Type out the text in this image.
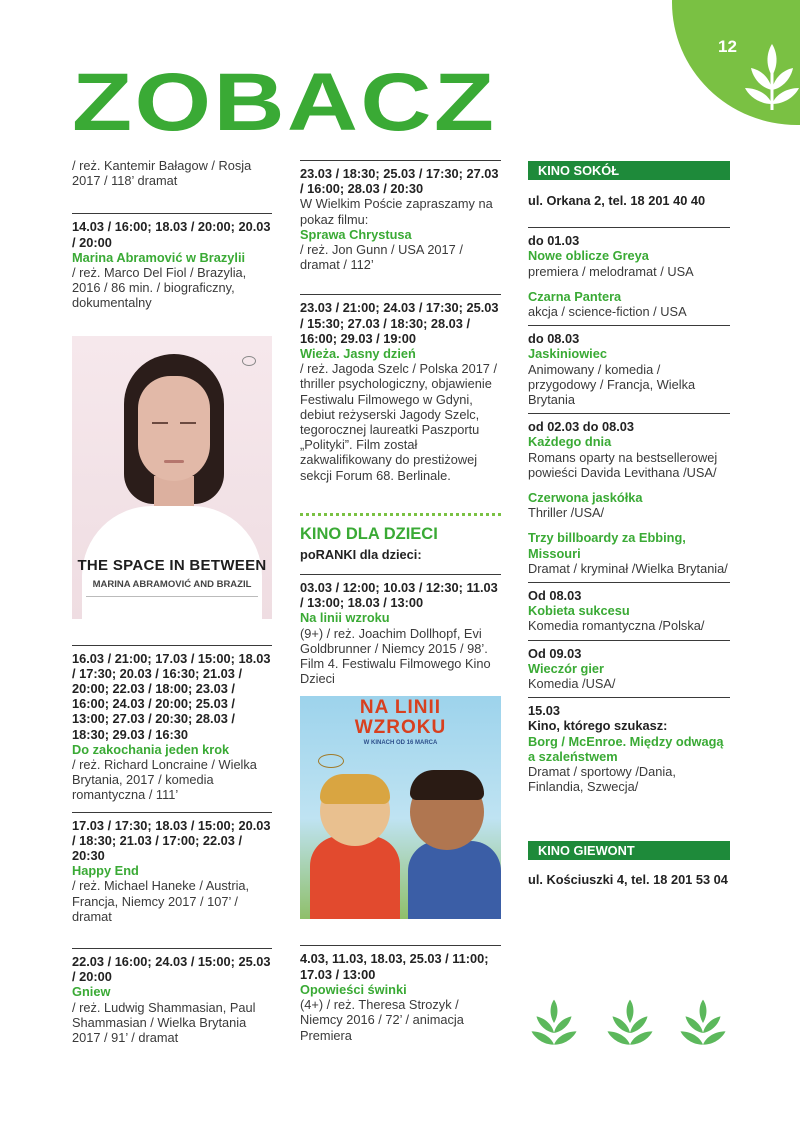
12
ZOBACZ
/ reż. Kantemir Bałagow / Rosja 2017 / 118’ dramat
14.03 / 16:00; 18.03 / 20:00; 20.03 / 20:00
Marina Abramović w Brazylii
/ reż. Marco Del Fiol / Brazylia, 2016 / 86 min. / biograficzny, dokumentalny
THE SPACE IN BETWEEN
MARINA ABRAMOVIĆ AND BRAZIL
16.03 / 21:00; 17.03 / 15:00; 18.03 / 17:30; 20.03 / 16:30; 21.03 / 20:00; 22.03 / 18:00; 23.03 / 16:00; 24.03 / 20:00; 25.03 / 13:00; 27.03 / 20:30; 28.03 / 18:30; 29.03 / 16:30
Do zakochania jeden krok
/ reż. Richard Loncraine / Wielka Brytania, 2017 / komedia romantyczna / 111’
17.03 / 17:30; 18.03 / 15:00; 20.03 / 18:30; 21.03 / 17:00; 22.03 / 20:30
Happy End
/ reż. Michael Haneke / Austria, Francja, Niemcy 2017 / 107’ / dramat
22.03 / 16:00; 24.03 / 15:00; 25.03 / 20:00
Gniew
/ reż. Ludwig Shammasian, Paul Shammasian / Wielka Brytania 2017 / 91’ / dramat
23.03 / 18:30; 25.03 / 17:30; 27.03 / 16:00; 28.03 / 20:30
W Wielkim Poście zapraszamy na pokaz filmu:
Sprawa Chrystusa
/ reż. Jon Gunn / USA 2017 / dramat / 112’
23.03 / 21:00; 24.03 / 17:30; 25.03 / 15:30; 27.03 / 18:30; 28.03 / 16:00; 29.03 / 19:00
Wieża. Jasny dzień
/ reż. Jagoda Szelc / Polska 2017 / thriller psychologiczny, objawienie Festiwalu Filmowego w Gdyni, debiut reżyserski Jagody Szelc, tegorocznej laureatki Paszportu „Polityki”. Film został zakwalifikowany do prestiżowej sekcji Forum 68. Berlinale.
KINO DLA DZIECI
poRANKI dla dzieci:
03.03 / 12:00; 10.03 / 12:30; 11.03 / 13:00; 18.03 / 13:00
Na linii wzroku
(9+) / reż. Joachim Dollhopf, Evi Goldbrunner / Niemcy 2015 / 98’. Film 4. Festiwalu Filmowego Kino Dzieci
NA LINII
WZROKU
W KINACH OD 16 MARCA
4.03, 11.03, 18.03, 25.03 / 11:00; 17.03 / 13:00
Opowieści świnki
(4+) / reż. Theresa Strozyk / Niemcy 2016 / 72’ / animacja Premiera
KINO SOKÓŁ
ul. Orkana 2, tel. 18 201 40 40
do 01.03
Nowe oblicze Greya
premiera / melodramat / USA
Czarna Pantera
akcja / science-fiction / USA
do 08.03
Jaskiniowiec
Animowany / komedia / przygodowy / Francja, Wielka Brytania
od 02.03 do 08.03
Każdego dnia
Romans oparty na bestsellerowej powieści Davida Levithana /USA/
Czerwona jaskółka
Thriller /USA/
Trzy billboardy za Ebbing, Missouri
Dramat / kryminał /Wielka Brytania/
Od 08.03
Kobieta sukcesu
Komedia romantyczna /Polska/
Od 09.03
Wieczór gier
Komedia /USA/
15.03
Kino, którego szukasz:
Borg / McEnroe. Między odwagą a szaleństwem
Dramat / sportowy /Dania, Finlandia, Szwecja/
KINO GIEWONT
ul. Kościuszki 4, tel. 18 201 53 04
